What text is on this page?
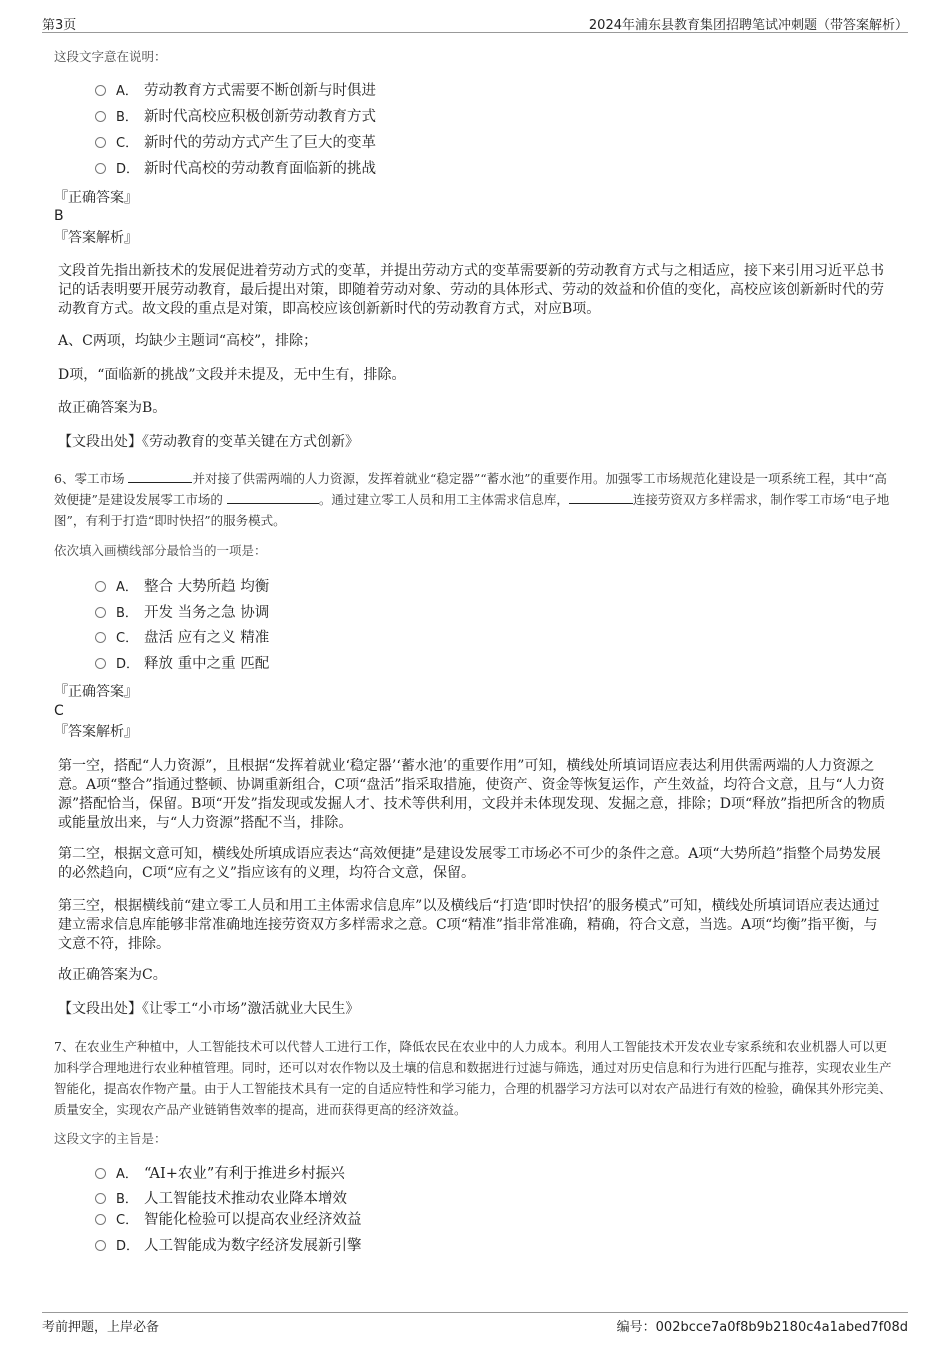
第3页	2024年浦东县教育集团招聘笔试冲刺题（带答案解析）
这段文字意在说明：
A． 劳动教育方式需要不断创新与时俱进
B． 新时代高校应积极创新劳动教育方式
C． 新时代的劳动方式产生了巨大的变革
D． 新时代高校的劳动教育面临新的挑战
『正确答案』
B
『答案解析』
文段首先指出新技术的发展促进着劳动方式的变革，并提出劳动方式的变革需要新的劳动教育方式与之相适应，接下来引用习近平总书记的话表明要开展劳动教育，最后提出对策，即随着劳动对象、劳动的具体形式、劳动的效益和价值的变化，高校应该创新新时代的劳动教育方式。故文段的重点是对策，即高校应该创新新时代的劳动教育方式，对应B项。
A、C两项，均缺少主题词“高校”，排除；
D项，“面临新的挑战”文段并未提及，无中生有，排除。
故正确答案为B。
【文段出处】《劳动教育的变革关键在方式创新》
6、零工市场	并对接了供需两端的人力资源，发挥着就业“稳定器”“蓄水池”的重要作用。加强零工市场规范化建设是一项系统工程，其中“高效便捷”是建设发展零工市场的	。通过建立零工人员和用工主体需求信息库，	连接劳资双方多样需求，制作零工市场“电子地图”，有利于打造“即时快招”的服务模式。
依次填入画横线部分最恰当的一项是：
A． 整合 大势所趋 均衡
B． 开发 当务之急 协调
C． 盘活 应有之义 精准
D． 释放 重中之重 匹配
『正确答案』
C
『答案解析』
第一空，搭配“人力资源”，且根据“发挥着就业‘稳定器’‘蓄水池’的重要作用”可知，横线处所填词语应表达利用供需两端的人力资源之意。A项“整合”指通过整顿、协调重新组合，C项“盘活”指采取措施，使资产、资金等恢复运作，产生效益，均符合文意，且与“人力资源”搭配恰当，保留。B项“开发”指发现或发掘人才、技术等供利用，文段并未体现发现、发掘之意，排除；D项“释放”指把所含的物质或能量放出来，与“人力资源”搭配不当，排除。
第二空，根据文意可知，横线处所填成语应表达“高效便捷”是建设发展零工市场必不可少的条件之意。A项“大势所趋”指整个局势发展的必然趋向，C项“应有之义”指应该有的义理，均符合文意，保留。
第三空，根据横线前“建立零工人员和用工主体需求信息库”以及横线后“打造‘即时快招’的服务模式”可知，横线处所填词语应表达通过建立需求信息库能够非常准确地连接劳资双方多样需求之意。C项“精准”指非常准确，精确，符合文意，当选。A项“均衡”指平衡，与文意不符，排除。
故正确答案为C。
【文段出处】《让零工“小市场”激活就业大民生》
7、在农业生产种植中，人工智能技术可以代替人工进行工作，降低农民在农业中的人力成本。利用人工智能技术开发农业专家系统和农业机器人可以更加科学合理地进行农业种植管理。同时，还可以对农作物以及土壤的信息和数据进行过滤与筛选，通过对历史信息和行为进行匹配与推荐，实现农业生产智能化，提高农作物产量。由于人工智能技术具有一定的自适应特性和学习能力，合理的机器学习方法可以对农产品进行有效的检验，确保其外形完美、质量安全，实现农产品产业链销售效率的提高，进而获得更高的经济效益。
这段文字的主旨是：
A． “AI+农业”有利于推进乡村振兴
B． 人工智能技术推动农业降本增效
C． 智能化检验可以提高农业经济效益
D． 人工智能成为数字经济发展新引擎
考前押题，上岸必备	编号：002bcce7a0f8b9b2180c4a1abed7f08d
